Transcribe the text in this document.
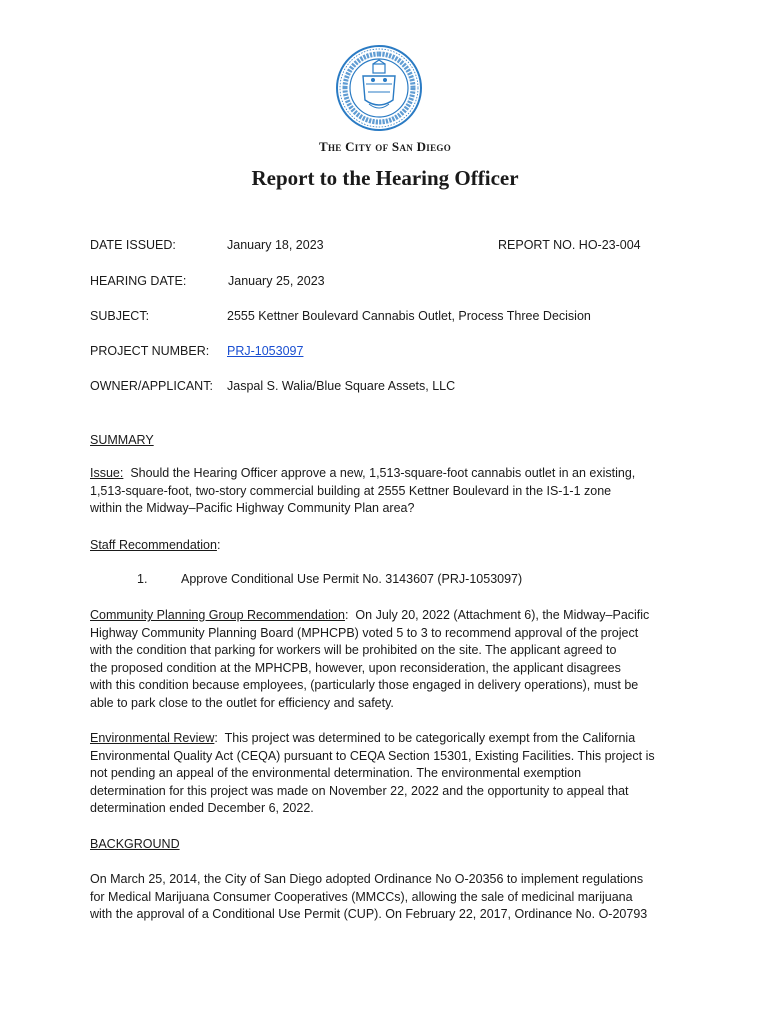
The City of San Diego
Report to the Hearing Officer
DATE ISSUED:	January 18, 2023	REPORT NO. HO-23-004
HEARING DATE:	January 25, 2023
SUBJECT:	2555 Kettner Boulevard Cannabis Outlet, Process Three Decision
PROJECT NUMBER: PRJ-1053097
OWNER/APPLICANT: Jaspal S. Walia/Blue Square Assets, LLC
SUMMARY
Issue: Should the Hearing Officer approve a new, 1,513-square-foot cannabis outlet in an existing,
1,513-square-foot, two-story commercial building at 2555 Kettner Boulevard in the IS-1-1 zone
within the Midway–Pacific Highway Community Plan area?
Staff Recommendation:
1.	Approve Conditional Use Permit No. 3143607 (PRJ-1053097)
Community Planning Group Recommendation:  On July 20, 2022 (Attachment 6), the Midway–Pacific
Highway Community Planning Board (MPHCPB) voted 5 to 3 to recommend approval of the project
with the condition that parking for workers will be prohibited on the site. The applicant agreed to
the proposed condition at the MPHCPB, however, upon reconsideration, the applicant disagrees
with this condition because employees, (particularly those engaged in delivery operations), must be
able to park close to the outlet for efficiency and safety.
Environmental Review:  This project was determined to be categorically exempt from the California
Environmental Quality Act (CEQA) pursuant to CEQA Section 15301, Existing Facilities. This project is
not pending an appeal of the environmental determination. The environmental exemption
determination for this project was made on November 22, 2022 and the opportunity to appeal that
determination ended December 6, 2022.
BACKGROUND
On March 25, 2014, the City of San Diego adopted Ordinance No O-20356 to implement regulations
for Medical Marijuana Consumer Cooperatives (MMCCs), allowing the sale of medicinal marijuana
with the approval of a Conditional Use Permit (CUP). On February 22, 2017, Ordinance No. O-20793
